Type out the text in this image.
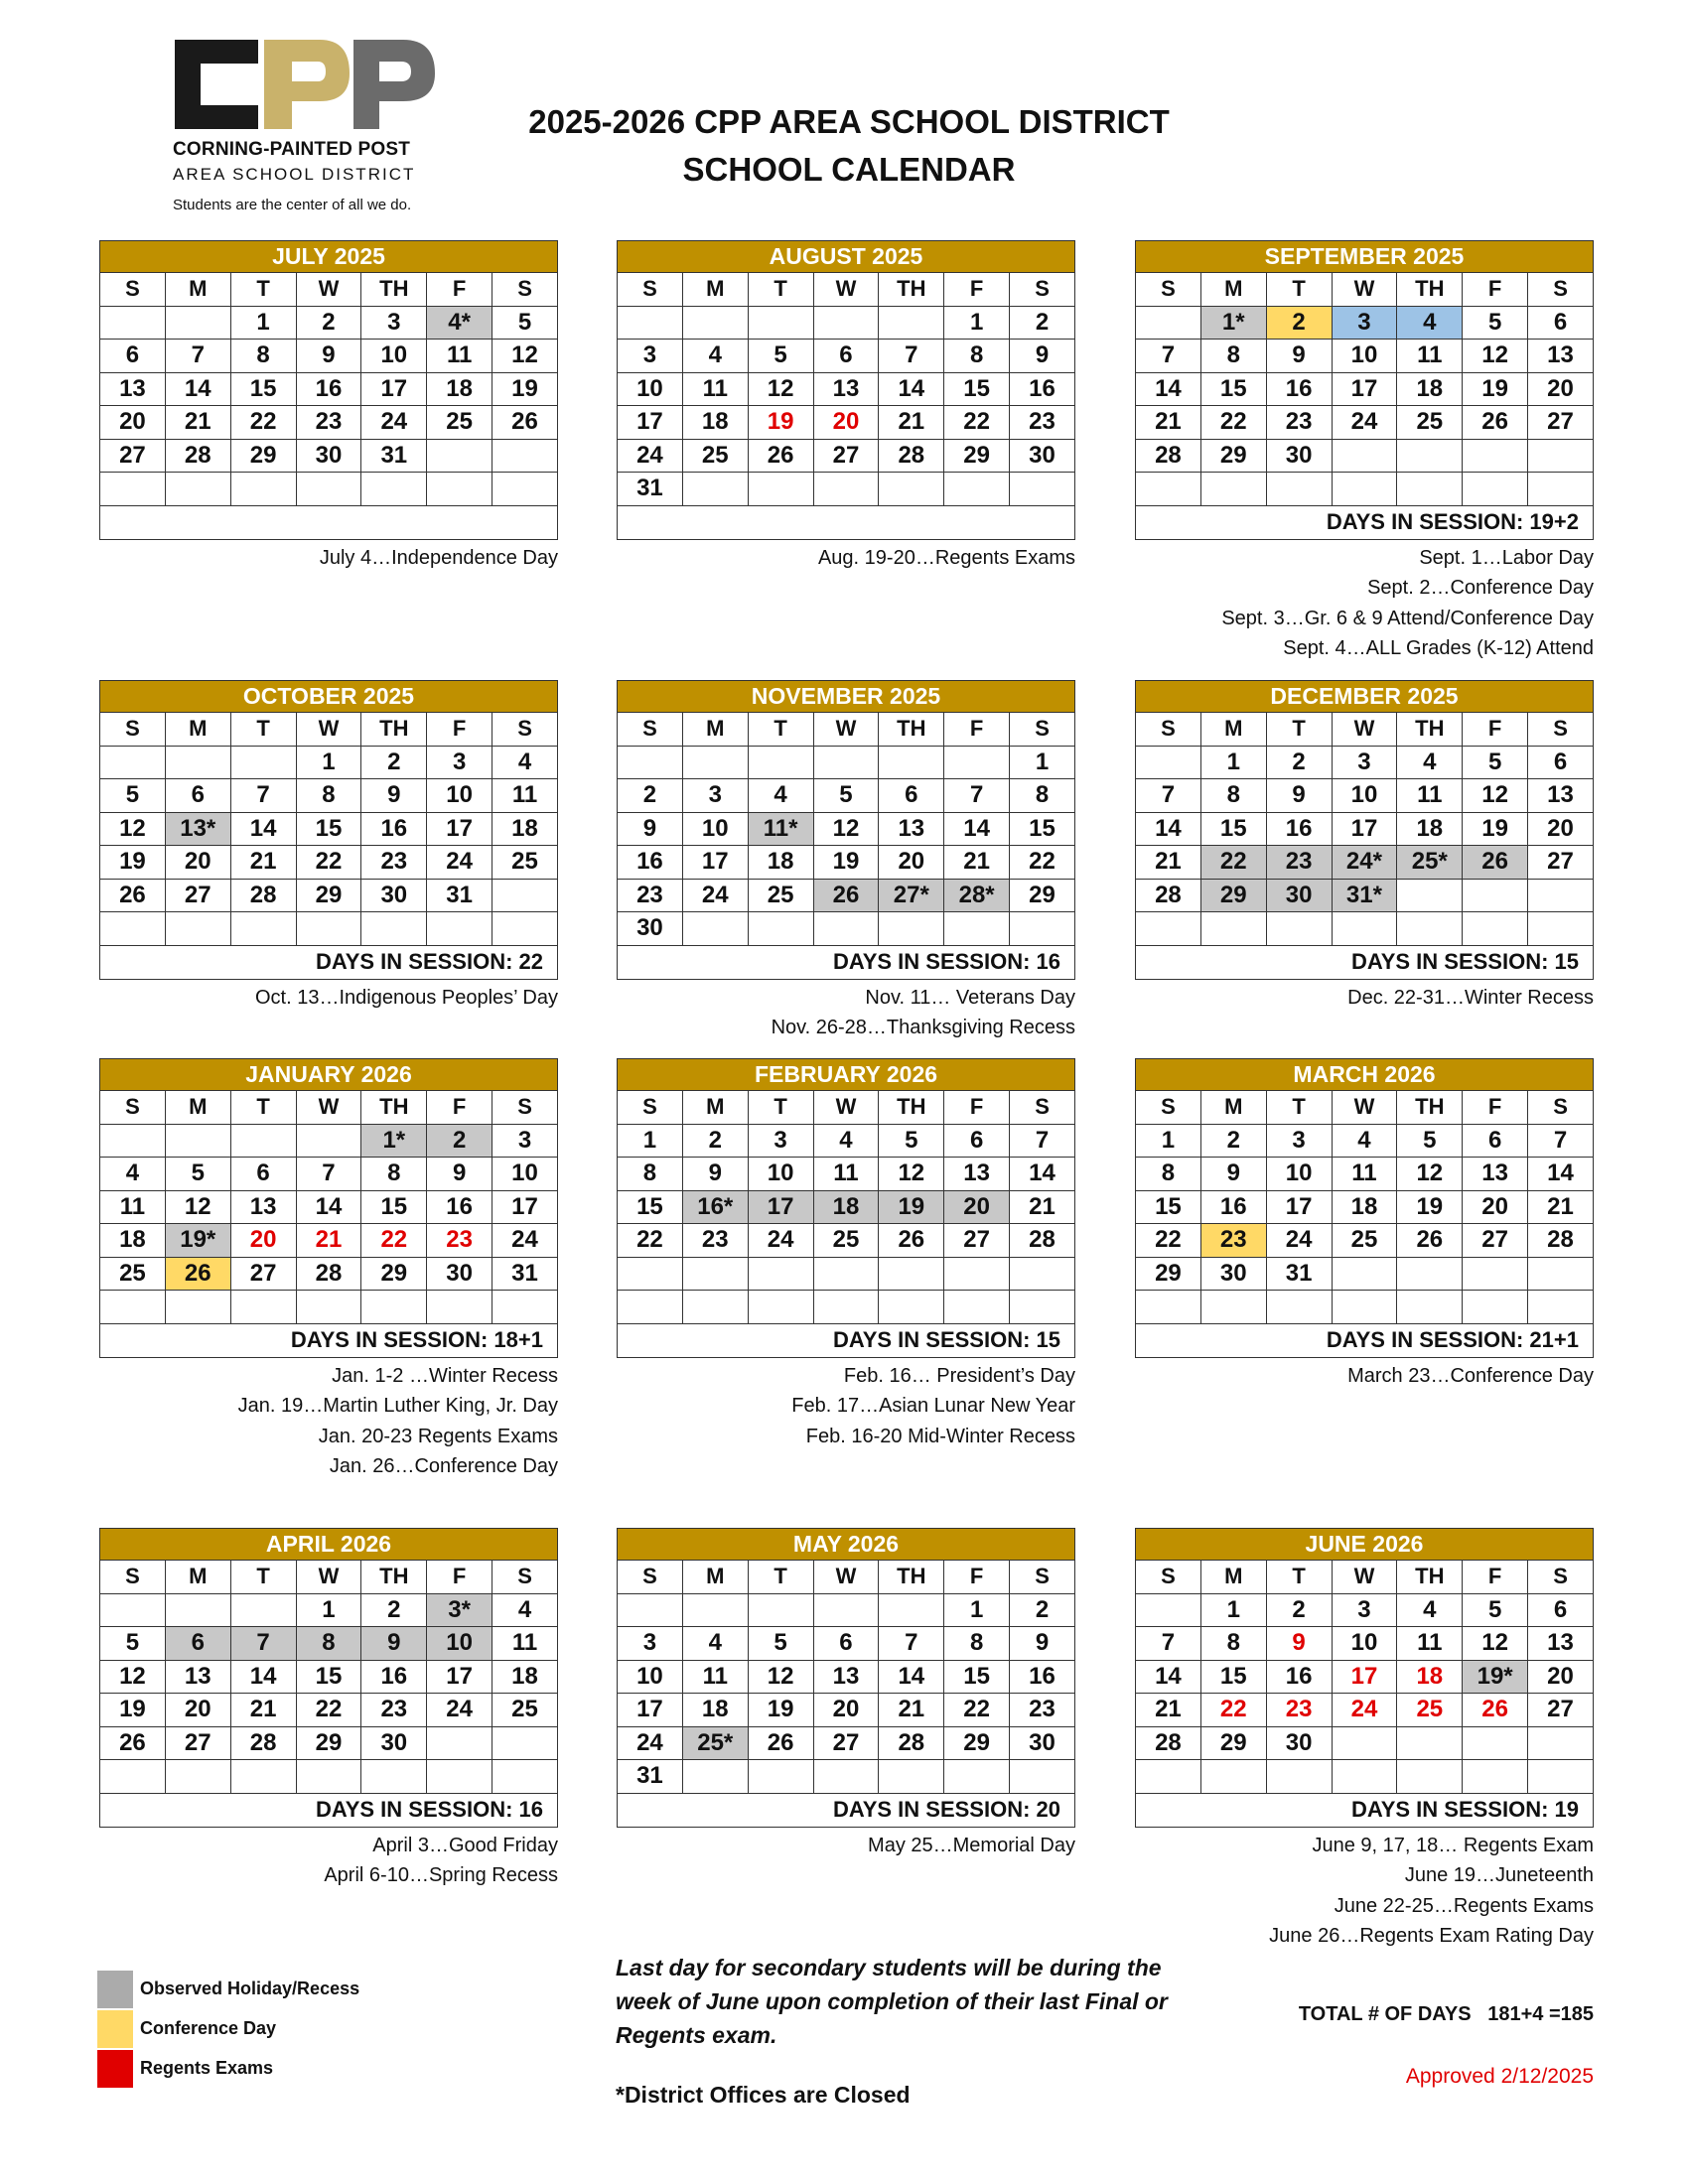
CORNING-PAINTED POST
AREA SCHOOL DISTRICT
Students are the center of all we do.
2025-2026 CPP AREA SCHOOL DISTRICT
SCHOOL CALENDAR
JULY 2025						
S	M	T	W	TH	F	S
		1	2	3	4*	5
6	7	8	9	10	11	12
13	14	15	16	17	18	19
20	21	22	23	24	25	26
27	28	29	30	31		

July 4…Independence Day
AUGUST 2025						
S	M	T	W	TH	F	S
					1	2
3	4	5	6	7	8	9
10	11	12	13	14	15	16
17	18	19	20	21	22	23
24	25	26	27	28	29	30
31						

Aug. 19-20…Regents Exams
SEPTEMBER 2025						
S	M	T	W	TH	F	S
	1*	2	3	4	5	6
7	8	9	10	11	12	13
14	15	16	17	18	19	20
21	22	23	24	25	26	27
28	29	30				

DAYS IN SESSION: 19+2						
Sept. 1…Labor Day
Sept. 2…Conference Day
Sept. 3…Gr. 6 & 9 Attend/Conference Day
Sept. 4…ALL Grades (K-12) Attend
OCTOBER 2025						
S	M	T	W	TH	F	S
			1	2	3	4
5	6	7	8	9	10	11
12	13*	14	15	16	17	18
19	20	21	22	23	24	25
26	27	28	29	30	31	

DAYS IN SESSION: 22						
Oct. 13…Indigenous Peoples’ Day
NOVEMBER 2025						
S	M	T	W	TH	F	S
						1
2	3	4	5	6	7	8
9	10	11*	12	13	14	15
16	17	18	19	20	21	22
23	24	25	26	27*	28*	29
30						
DAYS IN SESSION: 16						
Nov. 11… Veterans Day
Nov. 26-28…Thanksgiving Recess
DECEMBER 2025						
S	M	T	W	TH	F	S
	1	2	3	4	5	6
7	8	9	10	11	12	13
14	15	16	17	18	19	20
21	22	23	24*	25*	26	27
28	29	30	31*			

DAYS IN SESSION: 15						
Dec. 22-31…Winter Recess
JANUARY 2026						
S	M	T	W	TH	F	S
				1*	2	3
4	5	6	7	8	9	10
11	12	13	14	15	16	17
18	19*	20	21	22	23	24
25	26	27	28	29	30	31

DAYS IN SESSION: 18+1						
Jan. 1-2 …Winter Recess
Jan. 19…Martin Luther King, Jr. Day
Jan. 20-23 Regents Exams
Jan. 26…Conference Day
FEBRUARY 2026						
S	M	T	W	TH	F	S
1	2	3	4	5	6	7
8	9	10	11	12	13	14
15	16*	17	18	19	20	21
22	23	24	25	26	27	28

DAYS IN SESSION: 15						
Feb. 16… President’s Day
Feb. 17…Asian Lunar New Year
Feb. 16-20 Mid-Winter Recess
MARCH 2026						
S	M	T	W	TH	F	S
1	2	3	4	5	6	7
8	9	10	11	12	13	14
15	16	17	18	19	20	21
22	23	24	25	26	27	28
29	30	31				

DAYS IN SESSION: 21+1						
March 23…Conference Day
APRIL 2026						
S	M	T	W	TH	F	S
			1	2	3*	4
5	6	7	8	9	10	11
12	13	14	15	16	17	18
19	20	21	22	23	24	25
26	27	28	29	30		

DAYS IN SESSION: 16						
April 3…Good Friday
April 6-10…Spring Recess
MAY 2026						
S	M	T	W	TH	F	S
					1	2
3	4	5	6	7	8	9
10	11	12	13	14	15	16
17	18	19	20	21	22	23
24	25*	26	27	28	29	30
31						
DAYS IN SESSION: 20						
May 25…Memorial Day
JUNE 2026						
S	M	T	W	TH	F	S
	1	2	3	4	5	6
7	8	9	10	11	12	13
14	15	16	17	18	19*	20
21	22	23	24	25	26	27
28	29	30				

DAYS IN SESSION: 19						
June 9, 17, 18… Regents Exam
June 19…Juneteenth
June 22-25…Regents Exams
June 26…Regents Exam Rating Day
Observed Holiday/Recess
Conference Day
Regents Exams

Last day for secondary students will be during the week of June upon completion of their last Final or Regents exam.

*District Offices are Closed

TOTAL # OF DAYS   181+4 =185

Approved 2/12/2025
